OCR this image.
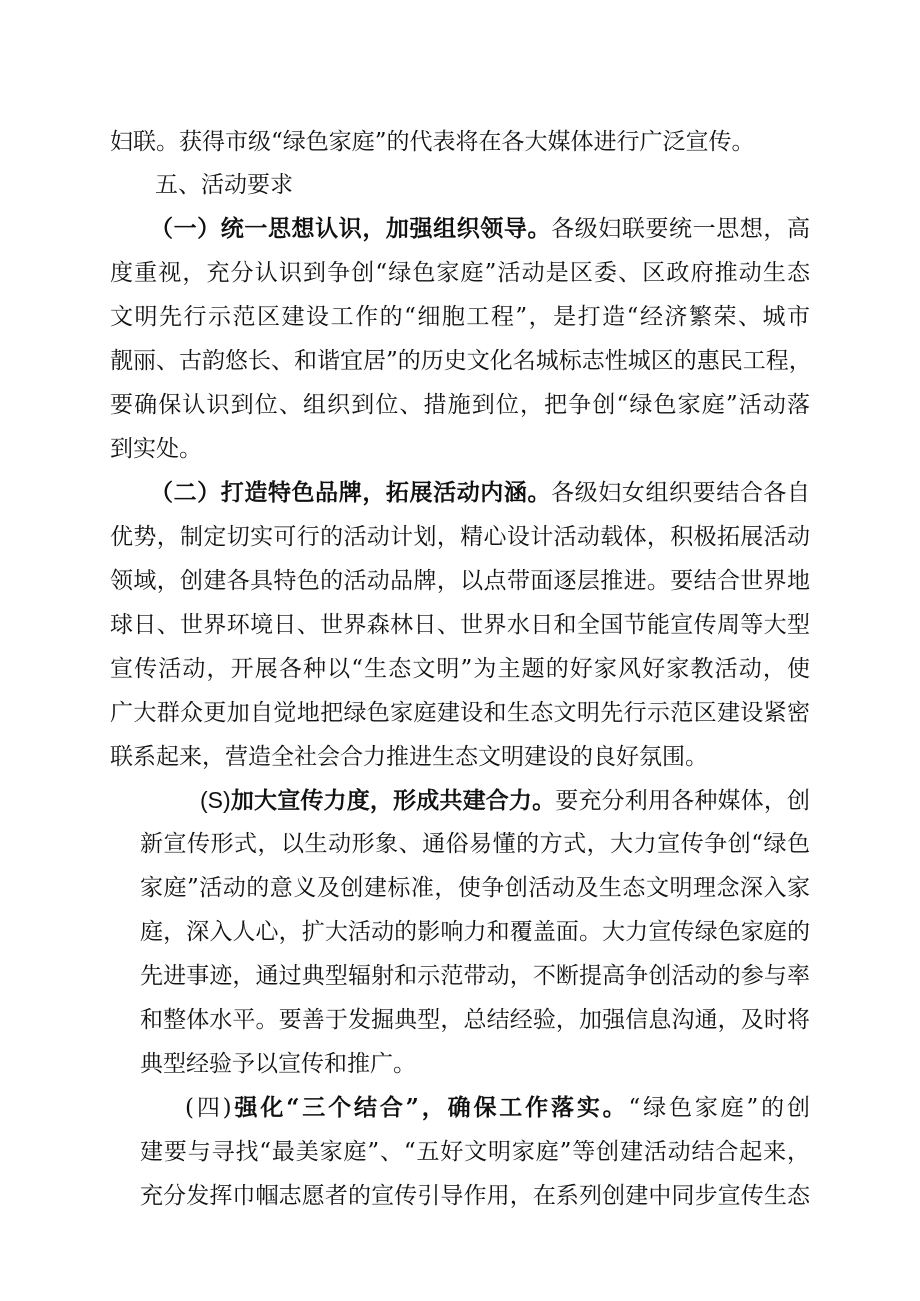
妇联。获得市级“绿色家庭”的代表将在各大媒体进行广泛宣传。
五、活动要求
（一）统一思想认识，加强组织领导。各级妇联要统一思想，高
度重视，充分认识到争创“绿色家庭”活动是区委、区政府推动生态
文明先行示范区建设工作的“细胞工程”，是打造“经济繁荣、城市
靓丽、古韵悠长、和谐宜居”的历史文化名城标志性城区的惠民工程，
要确保认识到位、组织到位、措施到位，把争创“绿色家庭”活动落
到实处。
（二）打造特色品牌，拓展活动内涵。各级妇女组织要结合各自
优势，制定切实可行的活动计划，精心设计活动载体，积极拓展活动
领域，创建各具特色的活动品牌，以点带面逐层推进。要结合世界地
球日、世界环境日、世界森林日、世界水日和全国节能宣传周等大型
宣传活动，开展各种以“生态文明”为主题的好家风好家教活动，使
广大群众更加自觉地把绿色家庭建设和生态文明先行示范区建设紧密
联系起来，营造全社会合力推进生态文明建设的良好氛围。
(S)加大宣传力度，形成共建合力。要充分利用各种媒体，创
新宣传形式，以生动形象、通俗易懂的方式，大力宣传争创“绿色
家庭”活动的意义及创建标准，使争创活动及生态文明理念深入家
庭，深入人心，扩大活动的影响力和覆盖面。大力宣传绿色家庭的
先进事迹，通过典型辐射和示范带动，不断提高争创活动的参与率
和整体水平。要善于发掘典型，总结经验，加强信息沟通，及时将
典型经验予以宣传和推广。
(四)强化“三个结合”，确保工作落实。“绿色家庭”的创
建要与寻找“最美家庭”、“五好文明家庭”等创建活动结合起来，
充分发挥巾帼志愿者的宣传引导作用，在系列创建中同步宣传生态
